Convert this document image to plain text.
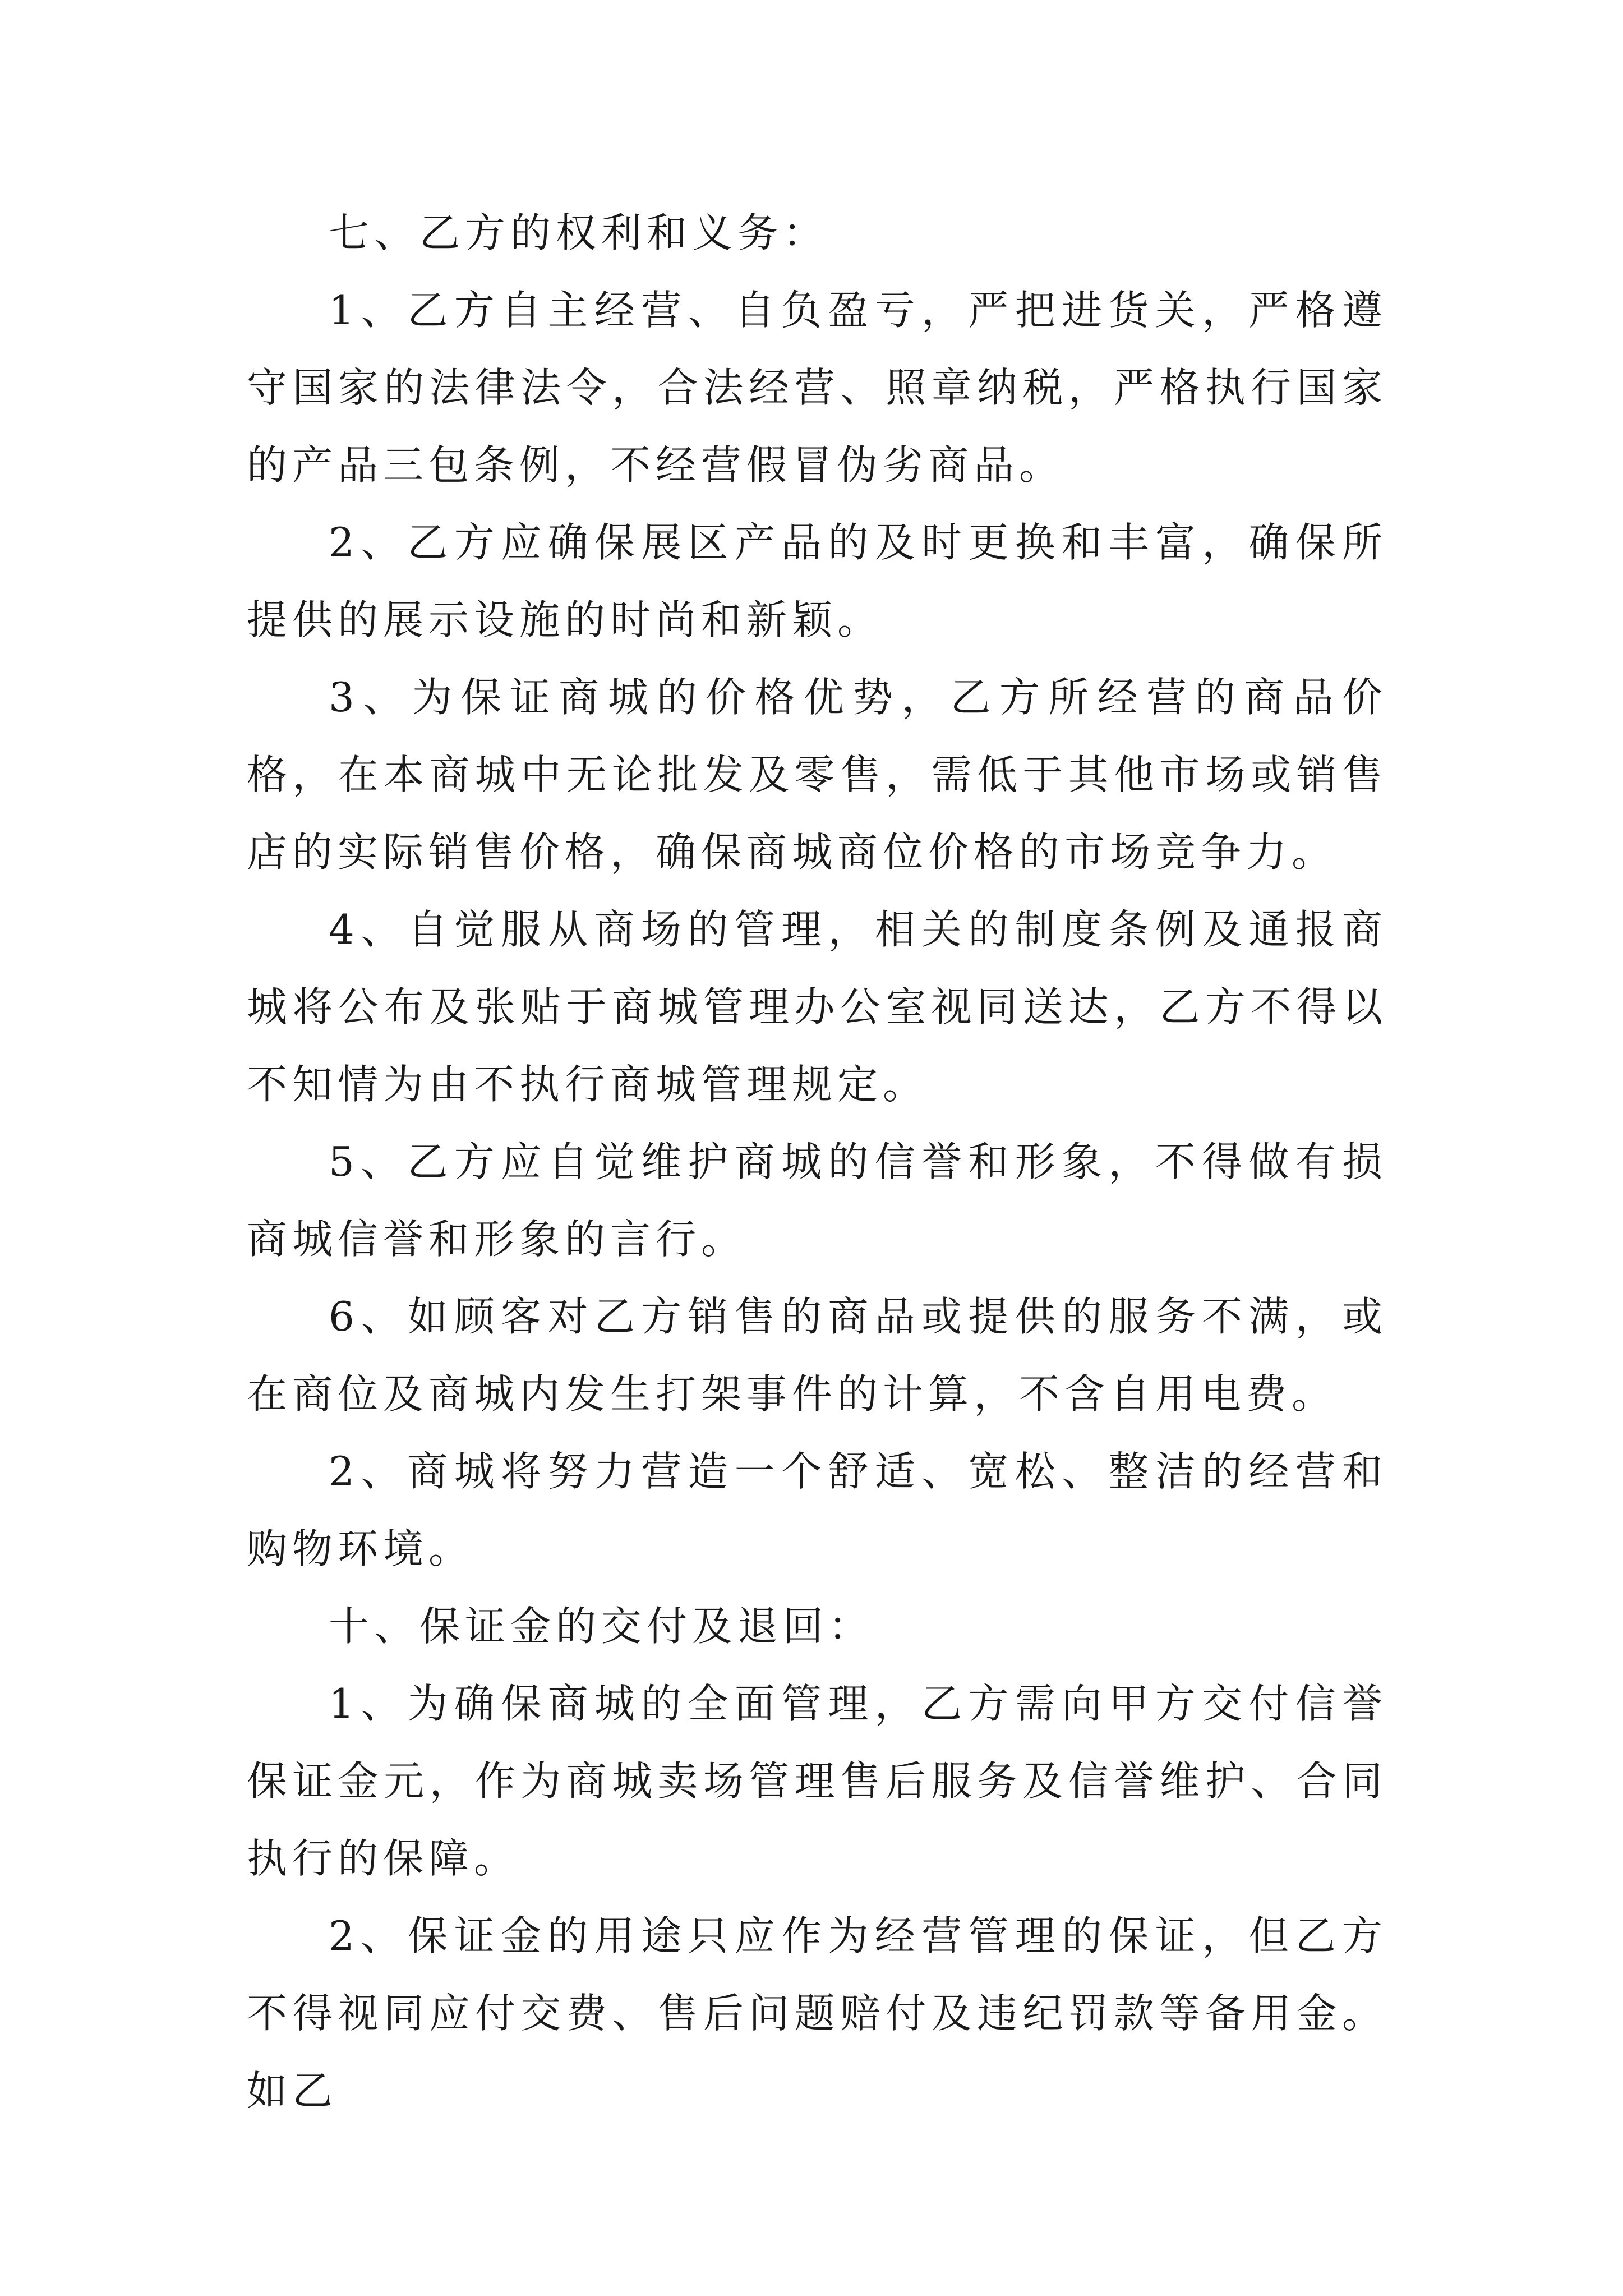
七、乙方的权利和义务：

1、乙方自主经营、自负盈亏，严把进货关，严格遵守国家的法律法令，合法经营、照章纳税，严格执行国家的产品三包条例，不经营假冒伪劣商品。

2、乙方应确保展区产品的及时更换和丰富，确保所提供的展示设施的时尚和新颖。

3、为保证商城的价格优势，乙方所经营的商品价格，在本商城中无论批发及零售，需低于其他市场或销售店的实际销售价格，确保商城商位价格的市场竞争力。

4、自觉服从商场的管理，相关的制度条例及通报商城将公布及张贴于商城管理办公室视同送达，乙方不得以不知情为由不执行商城管理规定。

5、乙方应自觉维护商城的信誉和形象，不得做有损商城信誉和形象的言行。

6、如顾客对乙方销售的商品或提供的服务不满，或在商位及商城内发生打架事件的计算，不含自用电费。

2、商城将努力营造一个舒适、宽松、整洁的经营和购物环境。

十、保证金的交付及退回：

1、为确保商城的全面管理，乙方需向甲方交付信誉保证金元，作为商城卖场管理售后服务及信誉维护、合同执行的保障。

2、保证金的用途只应作为经营管理的保证，但乙方不得视同应付交费、售后问题赔付及违纪罚款等备用金。如乙
